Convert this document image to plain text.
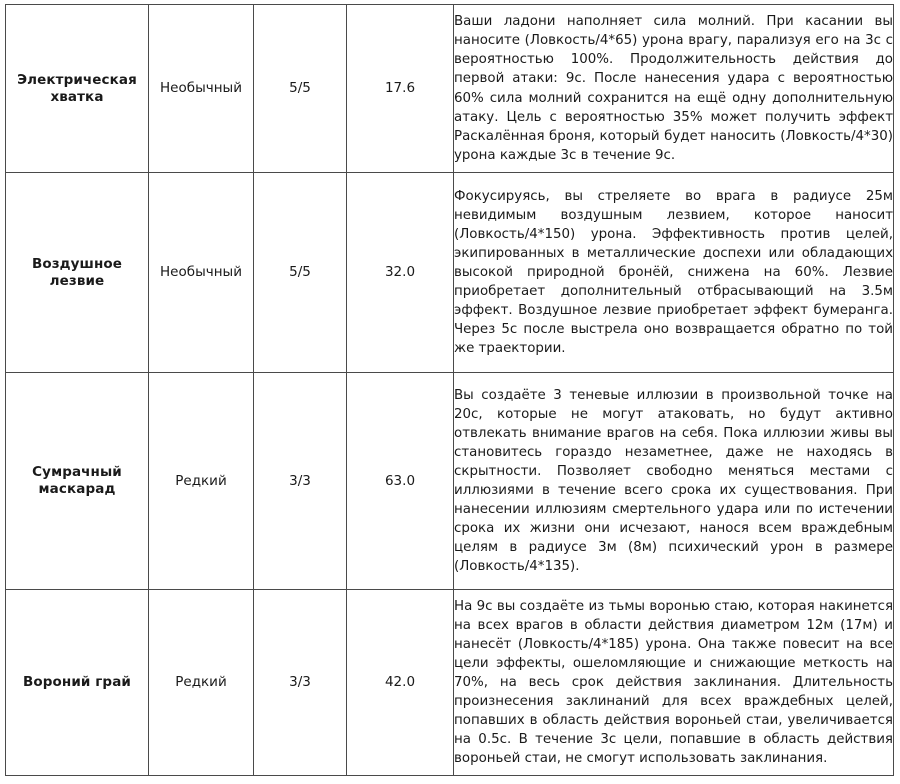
Электрическая хватка	Необычный	5/5	17.6	Ваши ладони наполняет сила молний. При касании вы наносите (Ловкость/4*65) урона врагу, парализуя его на 3с с вероятностью 100%. Продолжительность действия до первой атаки: 9с. После нанесения удара с вероятностью 60% сила молний сохранится на ещё одну дополнительную атаку. Цель с вероятностью 35% может получить эффект Раскалённая броня, который будет наносить (Ловкость/4*30) урона каждые 3с в течение 9с.

Воздушное лезвие	Необычный	5/5	32.0	Фокусируясь, вы стреляете во врага в радиусе 25м невидимым воздушным лезвием, которое наносит (Ловкость/4*150) урона. Эффективность против целей, экипированных в металлические доспехи или обладающих высокой природной бронёй, снижена на 60%. Лезвие приобретает дополнительный отбрасывающий на 3.5м эффект. Воздушное лезвие приобретает эффект бумеранга. Через 5с после выстрела оно возвращается обратно по той же траектории.

Сумрачный маскарад	Редкий	3/3	63.0	Вы создаёте 3 теневые иллюзии в произвольной точке на 20с, которые не могут атаковать, но будут активно отвлекать внимание врагов на себя. Пока иллюзии живы вы становитесь гораздо незаметнее, даже не находясь в скрытности. Позволяет свободно меняться местами с иллюзиями в течение всего срока их существования. При нанесении иллюзиям смертельного удара или по истечении срока их жизни они исчезают, нанося всем враждебным целям в радиусе 3м (8м) психический урон в размере (Ловкость/4*135).

Вороний грай	Редкий	3/3	42.0	На 9с вы создаёте из тьмы воронью стаю, которая накинется на всех врагов в области действия диаметром 12м (17м) и нанесёт (Ловкость/4*185) урона. Она также повесит на все цели эффекты, ошеломляющие и снижающие меткость на 70%, на весь срок действия заклинания. Длительность произнесения заклинаний для всех враждебных целей, попавших в область действия вороньей стаи, увеличивается на 0.5с. В течение 3с цели, попавшие в область действия вороньей стаи, не смогут использовать заклинания.
